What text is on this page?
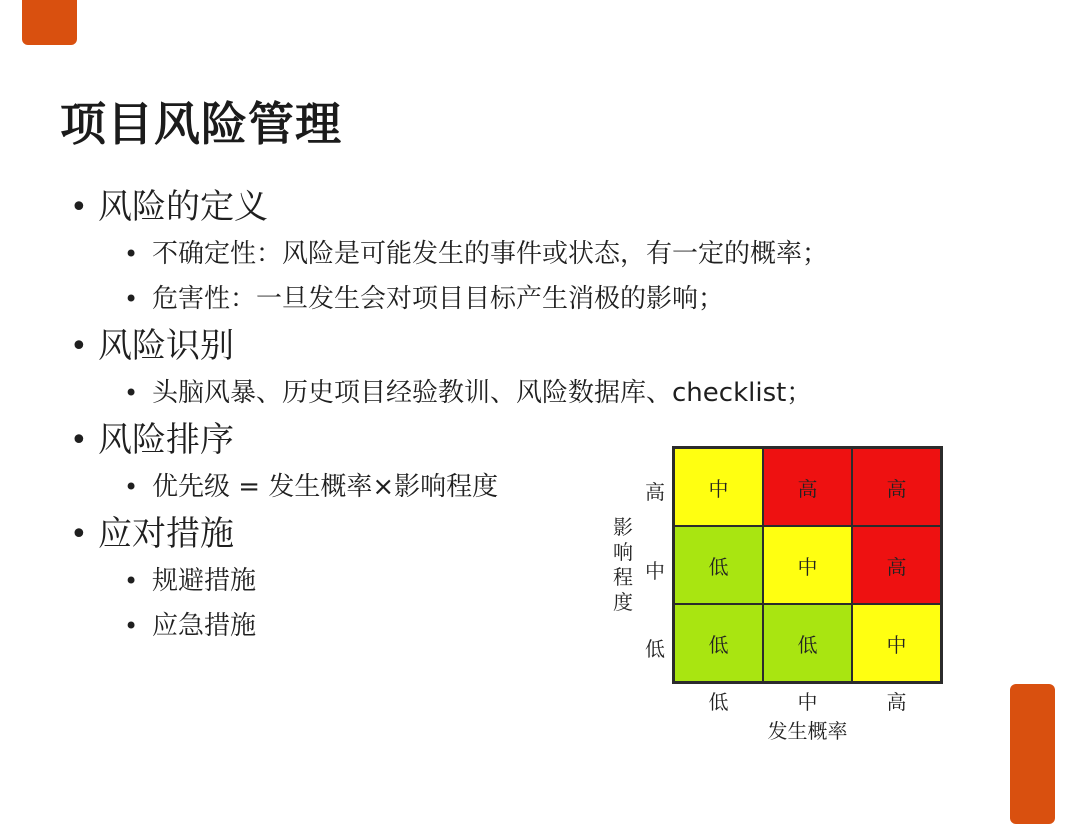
项目风险管理
• 风险的定义
• 不确定性：风险是可能发生的事件或状态，有一定的概率；
• 危害性：一旦发生会对项目目标产生消极的影响；
• 风险识别
• 头脑风暴、历史项目经验教训、风险数据库、checklist；
• 风险排序
• 优先级 = 发生概率×影响程度
• 应对措施
• 规避措施
• 应急措施
影
响
程
度
高
中
低
中	高	高
低	中	高
低	低	中
低	中	高
发生概率
